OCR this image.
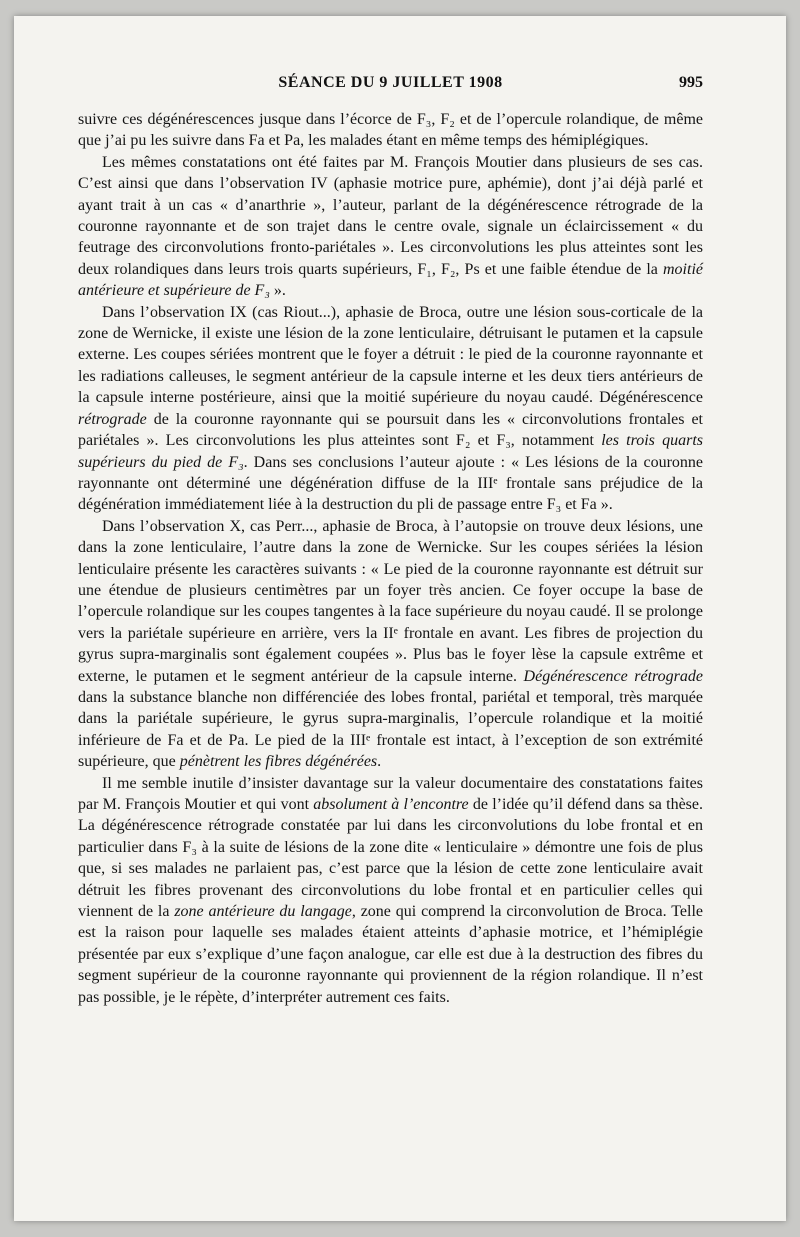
SÉANCE DU 9 JUILLET 1908	995

suivre ces dégénérescences jusque dans l’écorce de F₃, F₂ et de l’opercule rolandique, de même que j’ai pu les suivre dans Fa et Pa, les malades étant en même temps des hémiplégiques.

Les mêmes constatations ont été faites par M. François Moutier dans plusieurs de ses cas. C’est ainsi que dans l’observation IV (aphasie motrice pure, aphémie), dont j’ai déjà parlé et ayant trait à un cas « d’anarthrie », l’auteur, parlant de la dégénérescence rétrograde de la couronne rayonnante et de son trajet dans le centre ovale, signale un éclaircissement « du feutrage des circonvolutions fronto-pariétales ». Les circonvolutions les plus atteintes sont les deux rolandiques dans leurs trois quarts supérieurs, F₁, F₂, Ps et une faible étendue de la moitié antérieure et supérieure de F₃ ».

Dans l’observation IX (cas Riout...), aphasie de Broca, outre une lésion sous-corticale de la zone de Wernicke, il existe une lésion de la zone lenticulaire, détruisant le putamen et la capsule externe. Les coupes sériées montrent que le foyer a détruit : le pied de la couronne rayonnante et les radiations calleuses, le segment antérieur de la capsule interne et les deux tiers antérieurs de la capsule interne postérieure, ainsi que la moitié supérieure du noyau caudé. Dégénérescence rétrograde de la couronne rayonnante qui se poursuit dans les « circonvolutions frontales et pariétales ». Les circonvolutions les plus atteintes sont F₂ et F₃, notamment les trois quarts supérieurs du pied de F₃. Dans ses conclusions l’auteur ajoute : « Les lésions de la couronne rayonnante ont déterminé une dégénération diffuse de la IIIᵉ frontale sans préjudice de la dégénération immédiatement liée à la destruction du pli de passage entre F₃ et Fa ».

Dans l’observation X, cas Perr..., aphasie de Broca, à l’autopsie on trouve deux lésions, une dans la zone lenticulaire, l’autre dans la zone de Wernicke. Sur les coupes sériées la lésion lenticulaire présente les caractères suivants : « Le pied de la couronne rayonnante est détruit sur une étendue de plusieurs centimètres par un foyer très ancien. Ce foyer occupe la base de l’opercule rolandique sur les coupes tangentes à la face supérieure du noyau caudé. Il se prolonge vers la pariétale supérieure en arrière, vers la IIᵉ frontale en avant. Les fibres de projection du gyrus supra-marginalis sont également coupées ». Plus bas le foyer lèse la capsule extrême et externe, le putamen et le segment antérieur de la capsule interne. Dégénérescence rétrograde dans la substance blanche non différenciée des lobes frontal, pariétal et temporal, très marquée dans la pariétale supérieure, le gyrus supra-marginalis, l’opercule rolandique et la moitié inférieure de Fa et de Pa. Le pied de la IIIᵉ frontale est intact, à l’exception de son extrémité supérieure, que pénètrent les fibres dégénérées.

Il me semble inutile d’insister davantage sur la valeur documentaire des constatations faites par M. François Moutier et qui vont absolument à l’encontre de l’idée qu’il défend dans sa thèse. La dégénérescence rétrograde constatée par lui dans les circonvolutions du lobe frontal et en particulier dans F₃ à la suite de lésions de la zone dite « lenticulaire » démontre une fois de plus que, si ses malades ne parlaient pas, c’est parce que la lésion de cette zone lenticulaire avait détruit les fibres provenant des circonvolutions du lobe frontal et en particulier celles qui viennent de la zone antérieure du langage, zone qui comprend la circonvolution de Broca. Telle est la raison pour laquelle ses malades étaient atteints d’aphasie motrice, et l’hémiplégie présentée par eux s’explique d’une façon analogue, car elle est due à la destruction des fibres du segment supérieur de la couronne rayonnante qui proviennent de la région rolandique. Il n’est pas possible, je le répète, d’interpréter autrement ces faits.
